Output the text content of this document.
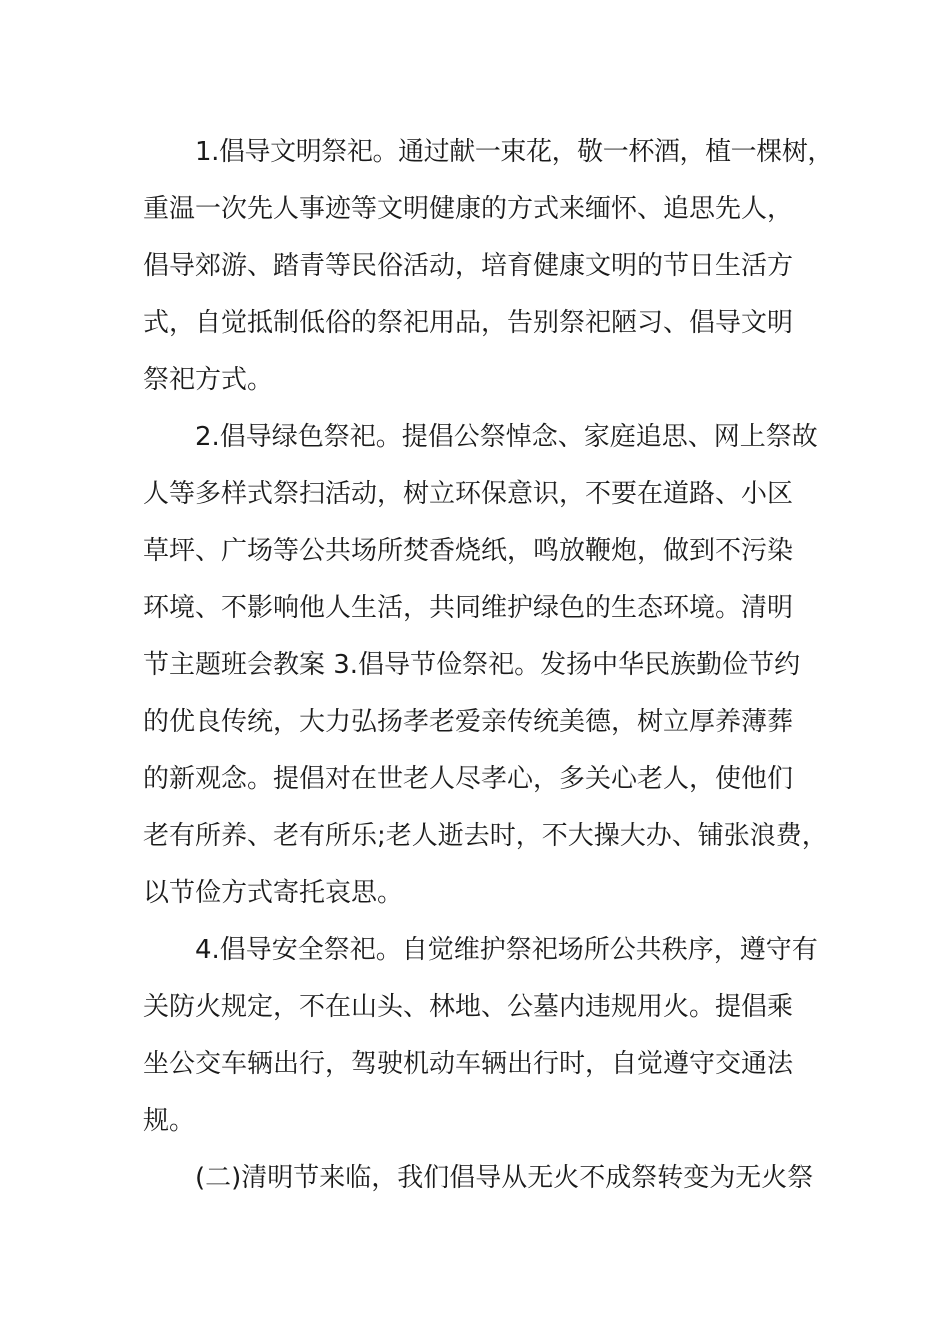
1.倡导文明祭祀。通过献一束花，敬一杯酒，植一棵树，
重温一次先人事迹等文明健康的方式来缅怀、追思先人，
倡导郊游、踏青等民俗活动，培育健康文明的节日生活方
式，自觉抵制低俗的祭祀用品，告别祭祀陋习、倡导文明
祭祀方式。
2.倡导绿色祭祀。提倡公祭悼念、家庭追思、网上祭故
人等多样式祭扫活动，树立环保意识，不要在道路、小区
草坪、广场等公共场所焚香烧纸，鸣放鞭炮，做到不污染
环境、不影响他人生活，共同维护绿色的生态环境。清明
节主题班会教案 3.倡导节俭祭祀。发扬中华民族勤俭节约
的优良传统，大力弘扬孝老爱亲传统美德，树立厚养薄葬
的新观念。提倡对在世老人尽孝心，多关心老人，使他们
老有所养、老有所乐;老人逝去时，不大操大办、铺张浪费，
以节俭方式寄托哀思。
4.倡导安全祭祀。自觉维护祭祀场所公共秩序，遵守有
关防火规定，不在山头、林地、公墓内违规用火。提倡乘
坐公交车辆出行，驾驶机动车辆出行时，自觉遵守交通法
规。
(二)清明节来临，我们倡导从无火不成祭转变为无火祭
